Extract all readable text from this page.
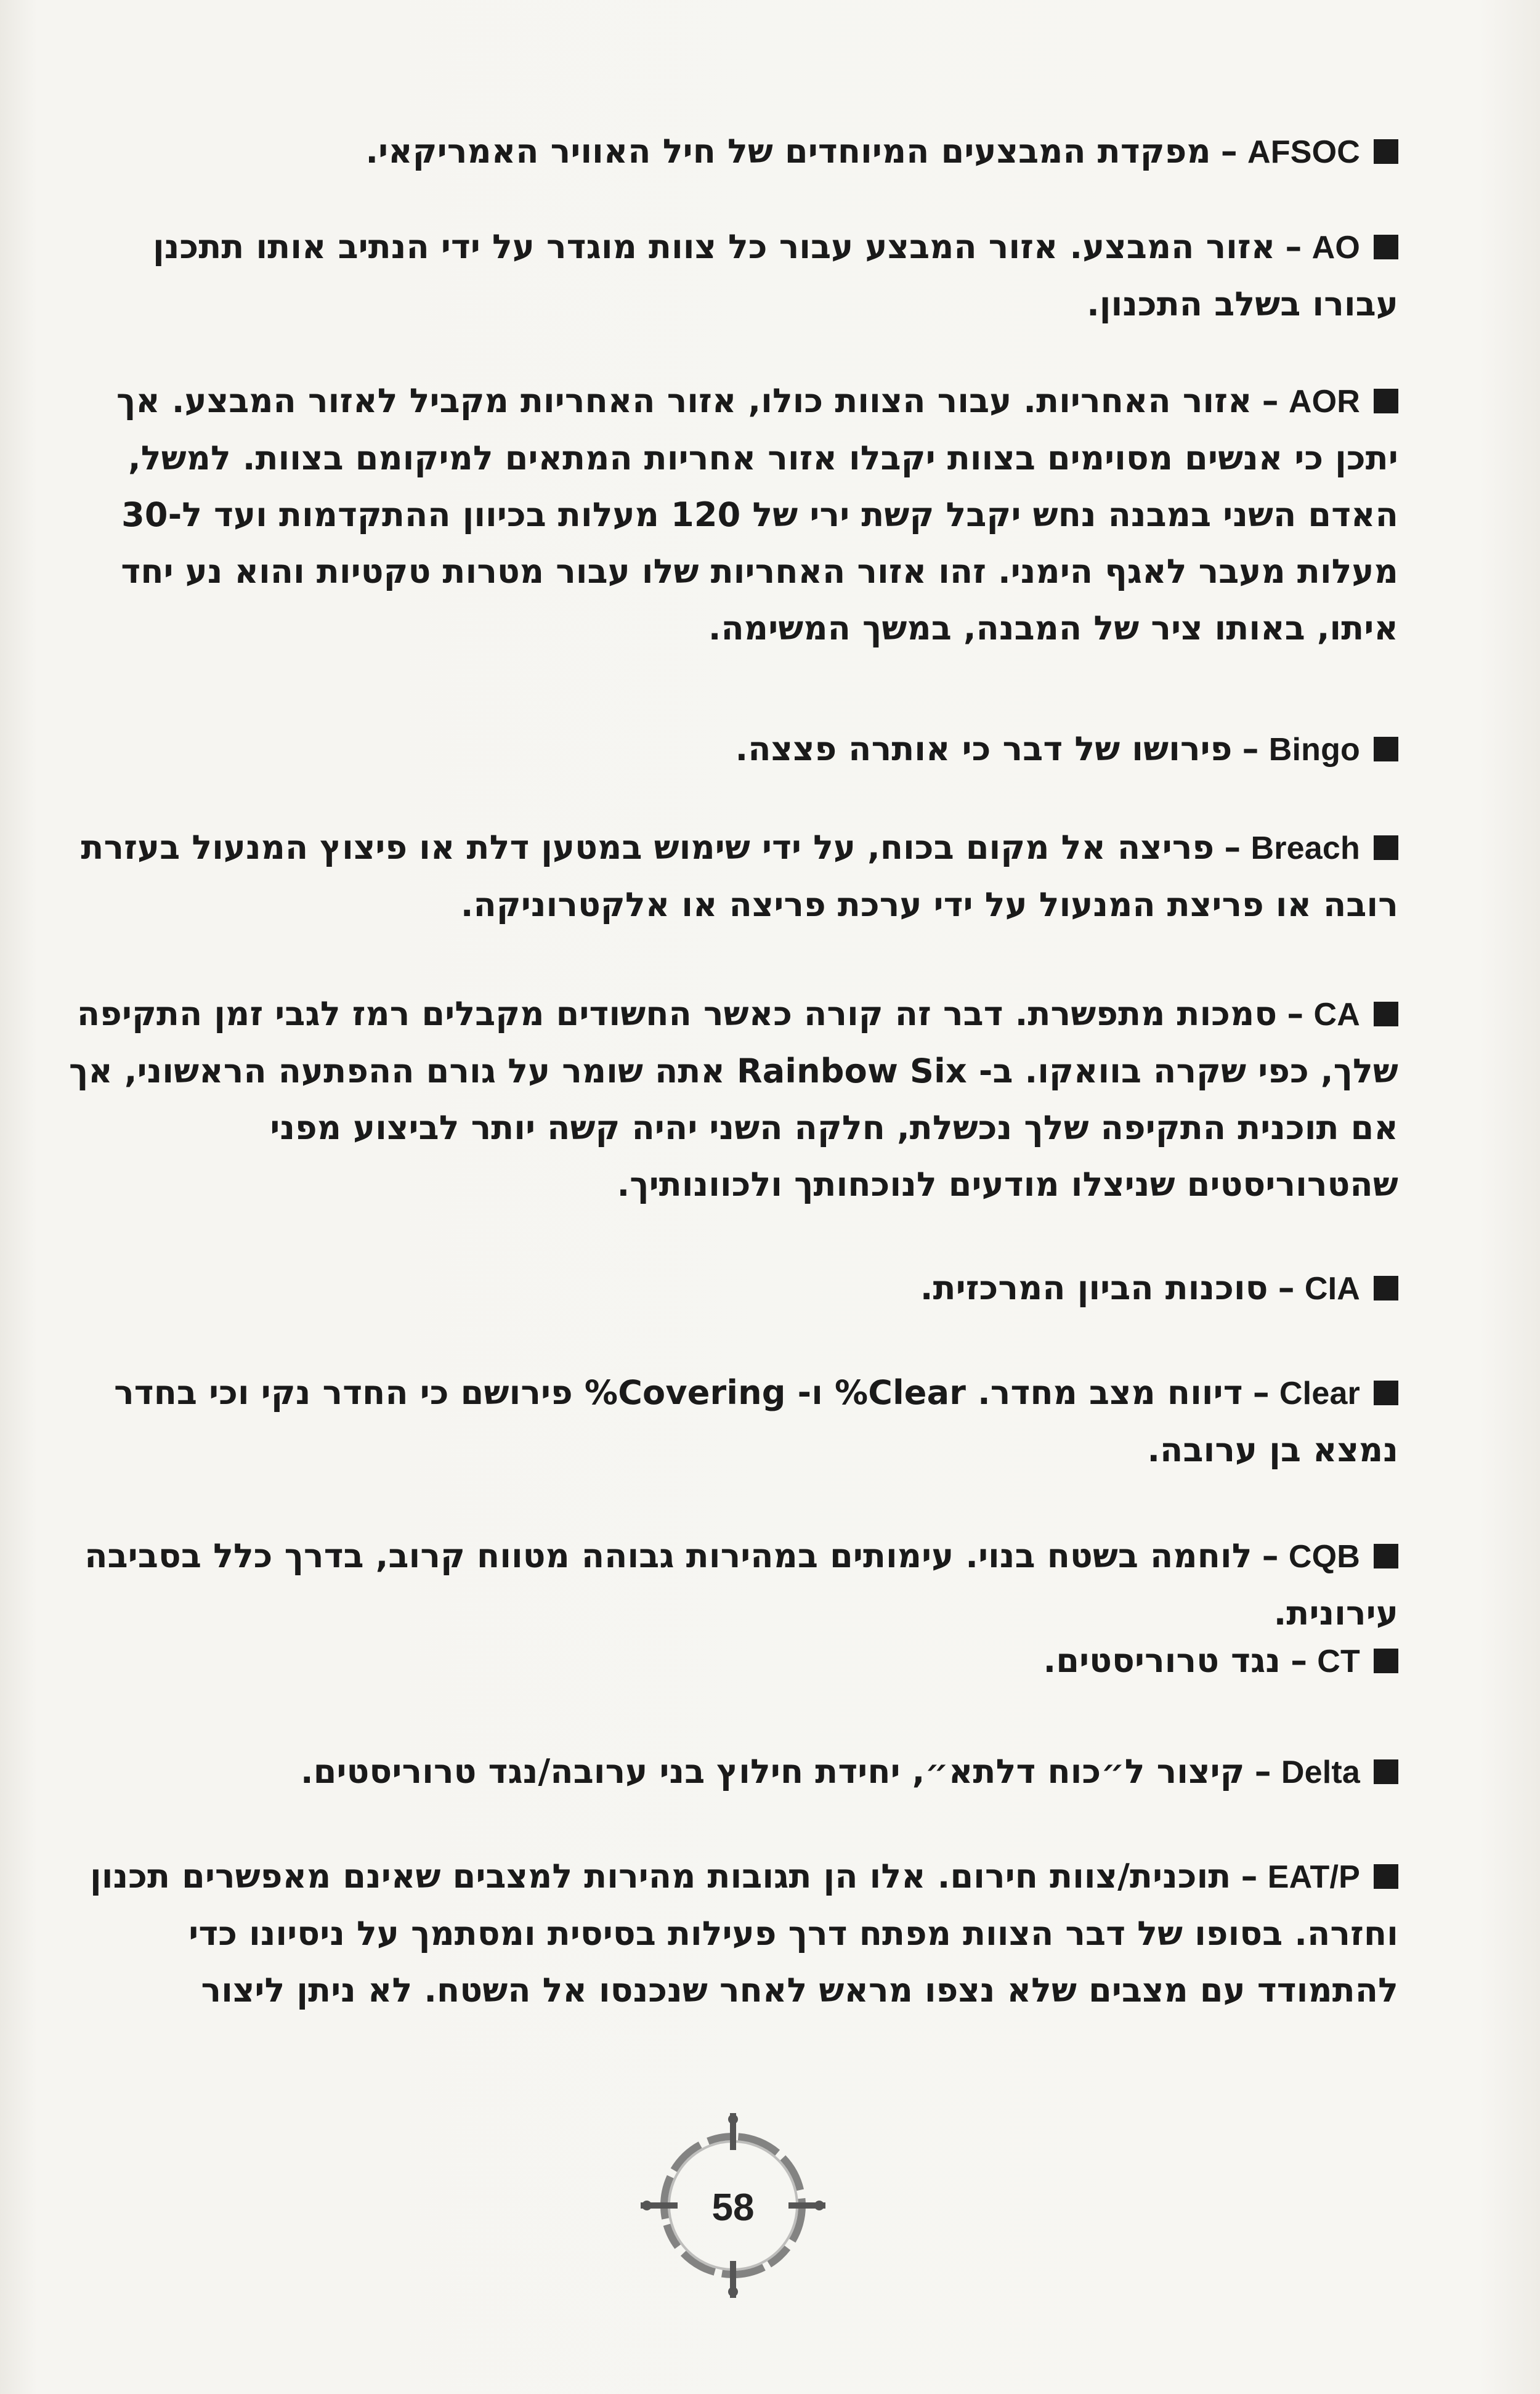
AFSOC–מפקדת המבצעים המיוחדים של חיל האוויר האמריקאי.
AO–אזור המבצע. אזור המבצע עבור כל צוות מוגדר על ידי הנתיב אותו תתכנן עבורו בשלב התכנון.
AOR–אזור האחריות. עבור הצוות כולו, אזור האחריות מקביל לאזור המבצע. אך יתכן כי אנשים מסוימים בצוות יקבלו אזור אחריות המתאים למיקומם בצוות. למשל, האדם השני במבנה נחש יקבל קשת ירי של 120 מעלות בכיוון ההתקדמות ועד ל-30 מעלות מעבר לאגף הימני. זהו אזור האחריות שלו עבור מטרות טקטיות והוא נע יחד איתו, באותו ציר של המבנה, במשך המשימה.
Bingo–פירושו של דבר כי אותרה פצצה.
Breach–פריצה אל מקום בכוח, על ידי שימוש במטען דלת או פיצוץ המנעול בעזרת רובה או פריצת המנעול על ידי ערכת פריצה או אלקטרוניקה.
CA–סמכות מתפשרת. דבר זה קורה כאשר החשודים מקבלים רמז לגבי זמן התקיפה שלך, כפי שקרה בוואקו. ב- Rainbow Six אתה שומר על גורם ההפתעה הראשוני, אך אם תוכנית התקיפה שלך נכשלת, חלקה השני יהיה קשה יותר לביצוע מפני שהטרוריסטים שניצלו מודעים לנוכחותך ולכוונותיך.
CIA–סוכנות הביון המרכזית.
Clear–דיווח מצב מחדר. Clear% ו- Covering% פירושם כי החדר נקי וכי בחדר נמצא בן ערובה.
CQB–לוחמה בשטח בנוי. עימותים במהירות גבוהה מטווח קרוב, בדרך כלל בסביבה עירונית.
CT–נגד טרוריסטים.
Delta–קיצור ל״כוח דלתא״, יחידת חילוץ בני ערובה/נגד טרוריסטים.
EAT/P–תוכנית/צוות חירום. אלו הן תגובות מהירות למצבים שאינם מאפשרים תכנון וחזרה. בסופו של דבר הצוות מפתח דרך פעילות בסיסית ומסתמך על ניסיונו כדי להתמודד עם מצבים שלא נצפו מראש לאחר שנכנסו אל השטח. לא ניתן ליצור
58
